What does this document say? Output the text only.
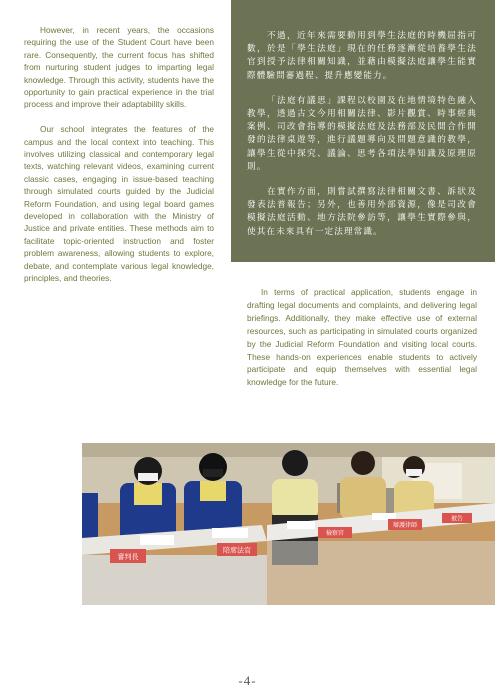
However, in recent years, the occasions requiring the use of the Student Court have been rare. Consequently, the current focus has shifted from nurturing student judges to imparting legal knowledge. Through this activity, students have the opportunity to gain practical experience in the trial process and improve their adaptability skills.

Our school integrates the features of the campus and the local context into teaching. This involves utilizing classical and contemporary legal texts, watching relevant videos, examining current classic cases, engaging in issue-based teaching through simulated courts guided by the Judicial Reform Foundation, and using legal board games developed in collaboration with the Ministry of Justice and private entities. These methods aim to facilitate topic-oriented instruction and foster problem awareness, allowing students to explore, debate, and contemplate various legal knowledge, principles, and theories.

不過，近年來需要動用到學生法庭的時機屈指可數，於是「學生法庭」現在的任務逐漸從培養學生法官到授予法律相關知識，並藉由模擬法庭讓學生能實際體驗問審過程、提升應變能力。

「法庭有議思」課程以校園及在地情境特色融入教學，透過古文今用相關法律、影片觀賞、時事經典案例、司改會指導的模擬法庭及法務部及民間合作開發的法律桌遊等，進行議題導向及問題意識的教學，讓學生從中探究、議論、思考各項法學知識及原理原則。

在實作方面，則嘗試撰寫法律相關文書、訴狀及發表法普報告；另外，也善用外部資源，像是司改會模擬法庭活動、地方法院參訪等，讓學生實際參與，使其在未來具有一定法理常識。

In terms of practical application, students engage in drafting legal documents and complaints, and delivering legal briefings. Additionally, they make effective use of external resources, such as participating in simulated courts organized by the Judicial Reform Foundation and visiting local courts. These hands-on experiences enable students to actively participate and equip themselves with essential legal knowledge for the future.

審判長
陪席法官
檢察官
辯護律師
被告
-4-
